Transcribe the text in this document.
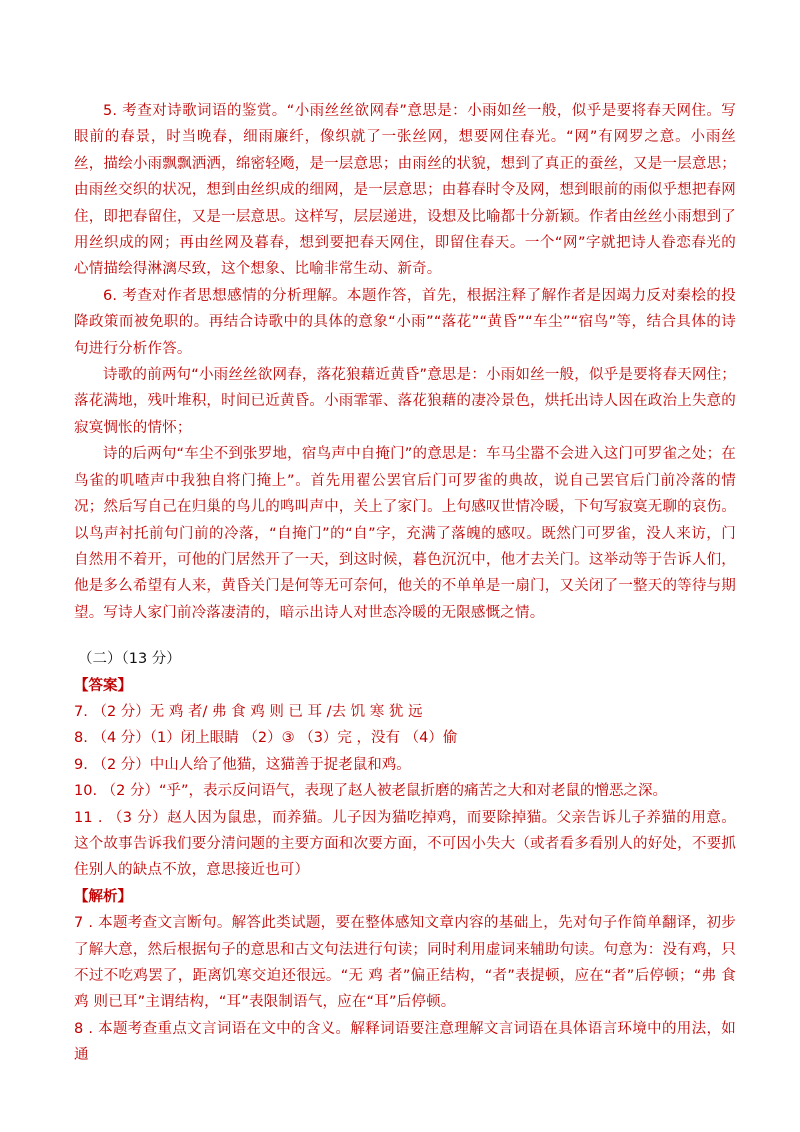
5. 考查对诗歌词语的鉴赏。“小雨丝丝欲网春”意思是：小雨如丝一般，似乎是要将春天网住。写眼前的春景，时当晚春，细雨廉纤，像织就了一张丝网，想要网住春光。“网”有网罗之意。小雨丝丝，描绘小雨飘飘洒洒，绵密轻飏，是一层意思；由雨丝的状貌，想到了真正的蚕丝，又是一层意思；由雨丝交织的状况，想到由丝织成的细网，是一层意思；由暮春时令及网，想到眼前的雨似乎想把春网住，即把春留住，又是一层意思。这样写，层层递进，设想及比喻都十分新颖。作者由丝丝小雨想到了用丝织成的网；再由丝网及暮春，想到要把春天网住，即留住春天。一个“网”字就把诗人眷恋春光的心情描绘得淋漓尽致，这个想象、比喻非常生动、新奇。

6. 考查对作者思想感情的分析理解。本题作答，首先，根据注释了解作者是因竭力反对秦桧的投降政策而被免职的。再结合诗歌中的具体的意象“小雨”“落花”“黄昏”“车尘”“宿鸟”等，结合具体的诗句进行分析作答。

诗歌的前两句“小雨丝丝欲网春，落花狼藉近黄昏”意思是：小雨如丝一般，似乎是要将春天网住；落花满地，残叶堆积，时间已近黄昏。小雨霏霏、落花狼藉的凄冷景色，烘托出诗人因在政治上失意的寂寞惆怅的情怀；

诗的后两句“车尘不到张罗地，宿鸟声中自掩门”的意思是：车马尘嚣不会进入这门可罗雀之处；在鸟雀的叽喳声中我独自将门掩上”。首先用翟公罢官后门可罗雀的典故，说自己罢官后门前冷落的情况；然后写自己在归巢的鸟儿的鸣叫声中，关上了家门。上句感叹世情冷暖，下句写寂寞无聊的哀伤。以鸟声衬托前句门前的冷落，“自掩门”的“自”字，充满了落魄的感叹。既然门可罗雀，没人来访，门自然用不着开，可他的门居然开了一天，到这时候，暮色沉沉中，他才去关门。这举动等于告诉人们，他是多么希望有人来，黄昏关门是何等无可奈何，他关的不单单是一扇门，又关闭了一整天的等待与期望。写诗人家门前冷落凄清的，暗示出诗人对世态冷暖的无限感慨之情。

（二）（13 分）

【答案】

7. （2 分）无 鸡 者/ 弗 食 鸡 则 已 耳 /去 饥 寒 犹 远

8. （4 分）（1）闭上眼睛 （2）③ （3）完 ，没有 （4）偷

9. （2 分）中山人给了他猫，这猫善于捉老鼠和鸡。

10. （2 分）“乎”，表示反问语气，表现了赵人被老鼠折磨的痛苦之大和对老鼠的憎恶之深。

11 . （3 分）赵人因为鼠患，而养猫。儿子因为猫吃掉鸡，而要除掉猫。父亲告诉儿子养猫的用意。这个故事告诉我们要分清问题的主要方面和次要方面，不可因小失大（或者看多看别人的好处，不要抓住别人的缺点不放，意思接近也可）

【解析】

7 . 本题考查文言断句。解答此类试题，要在整体感知文章内容的基础上，先对句子作简单翻译，初步了解大意，然后根据句子的意思和古文句法进行句读；同时利用虚词来辅助句读。句意为：没有鸡，只不过不吃鸡罢了，距离饥寒交迫还很远。“无 鸡 者”偏正结构，“者”表提顿，应在“者”后停顿；“弗 食 鸡 则已耳”主谓结构，“耳”表限制语气，应在“耳”后停顿。

8 . 本题考查重点文言词语在文中的含义。解释词语要注意理解文言词语在具体语言环境中的用法，如通
